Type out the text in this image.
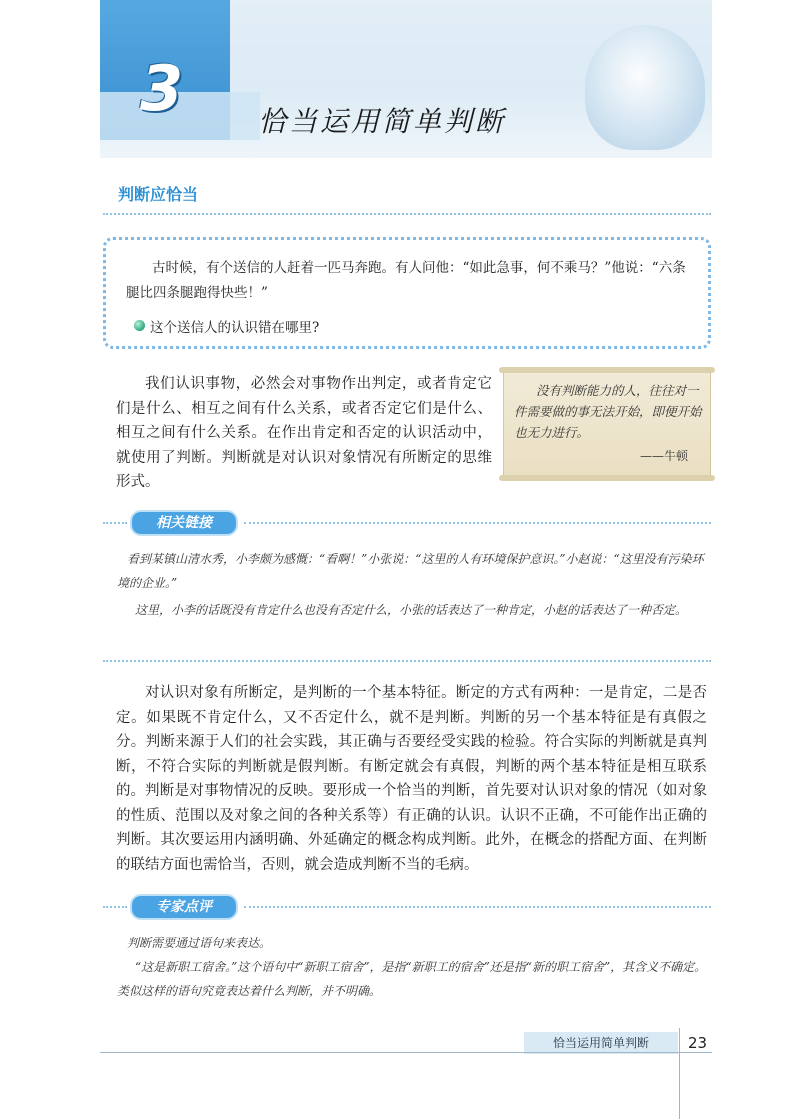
3	恰当运用简单判断
判断应恰当
古时候，有个送信的人赶着一匹马奔跑。有人问他：“如此急事，何不乘马？”他说：“六条腿比四条腿跑得快些！”
这个送信人的认识错在哪里?
我们认识事物，必然会对事物作出判定，或者肯定它们是什么、相互之间有什么关系，或者否定它们是什么、相互之间有什么关系。在作出肯定和否定的认识活动中，就使用了判断。判断就是对认识对象情况有所断定的思维形式。
没有判断能力的人，往往对一件需要做的事无法开始，即便开始也无力进行。
——牛顿
相关链接
看到某镇山清水秀，小李颇为感慨：“看啊！”小张说：“这里的人有环境保护意识。”小赵说：“这里没有污染环境的企业。”
这里，小李的话既没有肯定什么也没有否定什么，小张的话表达了一种肯定，小赵的话表达了一种否定。
对认识对象有所断定，是判断的一个基本特征。断定的方式有两种：一是肯定，二是否定。如果既不肯定什么，又不否定什么，就不是判断。判断的另一个基本特征是有真假之分。判断来源于人们的社会实践，其正确与否要经受实践的检验。符合实际的判断就是真判断，不符合实际的判断就是假判断。有断定就会有真假，判断的两个基本特征是相互联系的。 判断是对事物情况的反映。要形成一个恰当的判断，首先要对认识对象的情况（如对象的性质、范围以及对象之间的各种关系等）有正确的认识。认识不正确，不可能作出正确的判断。其次要运用内涵明确、外延确定的概念构成判断。此外，在概念的搭配方面、在判断的联结方面也需恰当，否则，就会造成判断不当的毛病。
专家点评
判断需要通过语句来表达。
“这是新职工宿舍。”这个语句中“新职工宿舍”，是指“新职工的宿舍”还是指“新的职工宿舍”，其含义不确定。类似这样的语句究竟表达着什么判断，并不明确。
恰当运用简单判断	23
